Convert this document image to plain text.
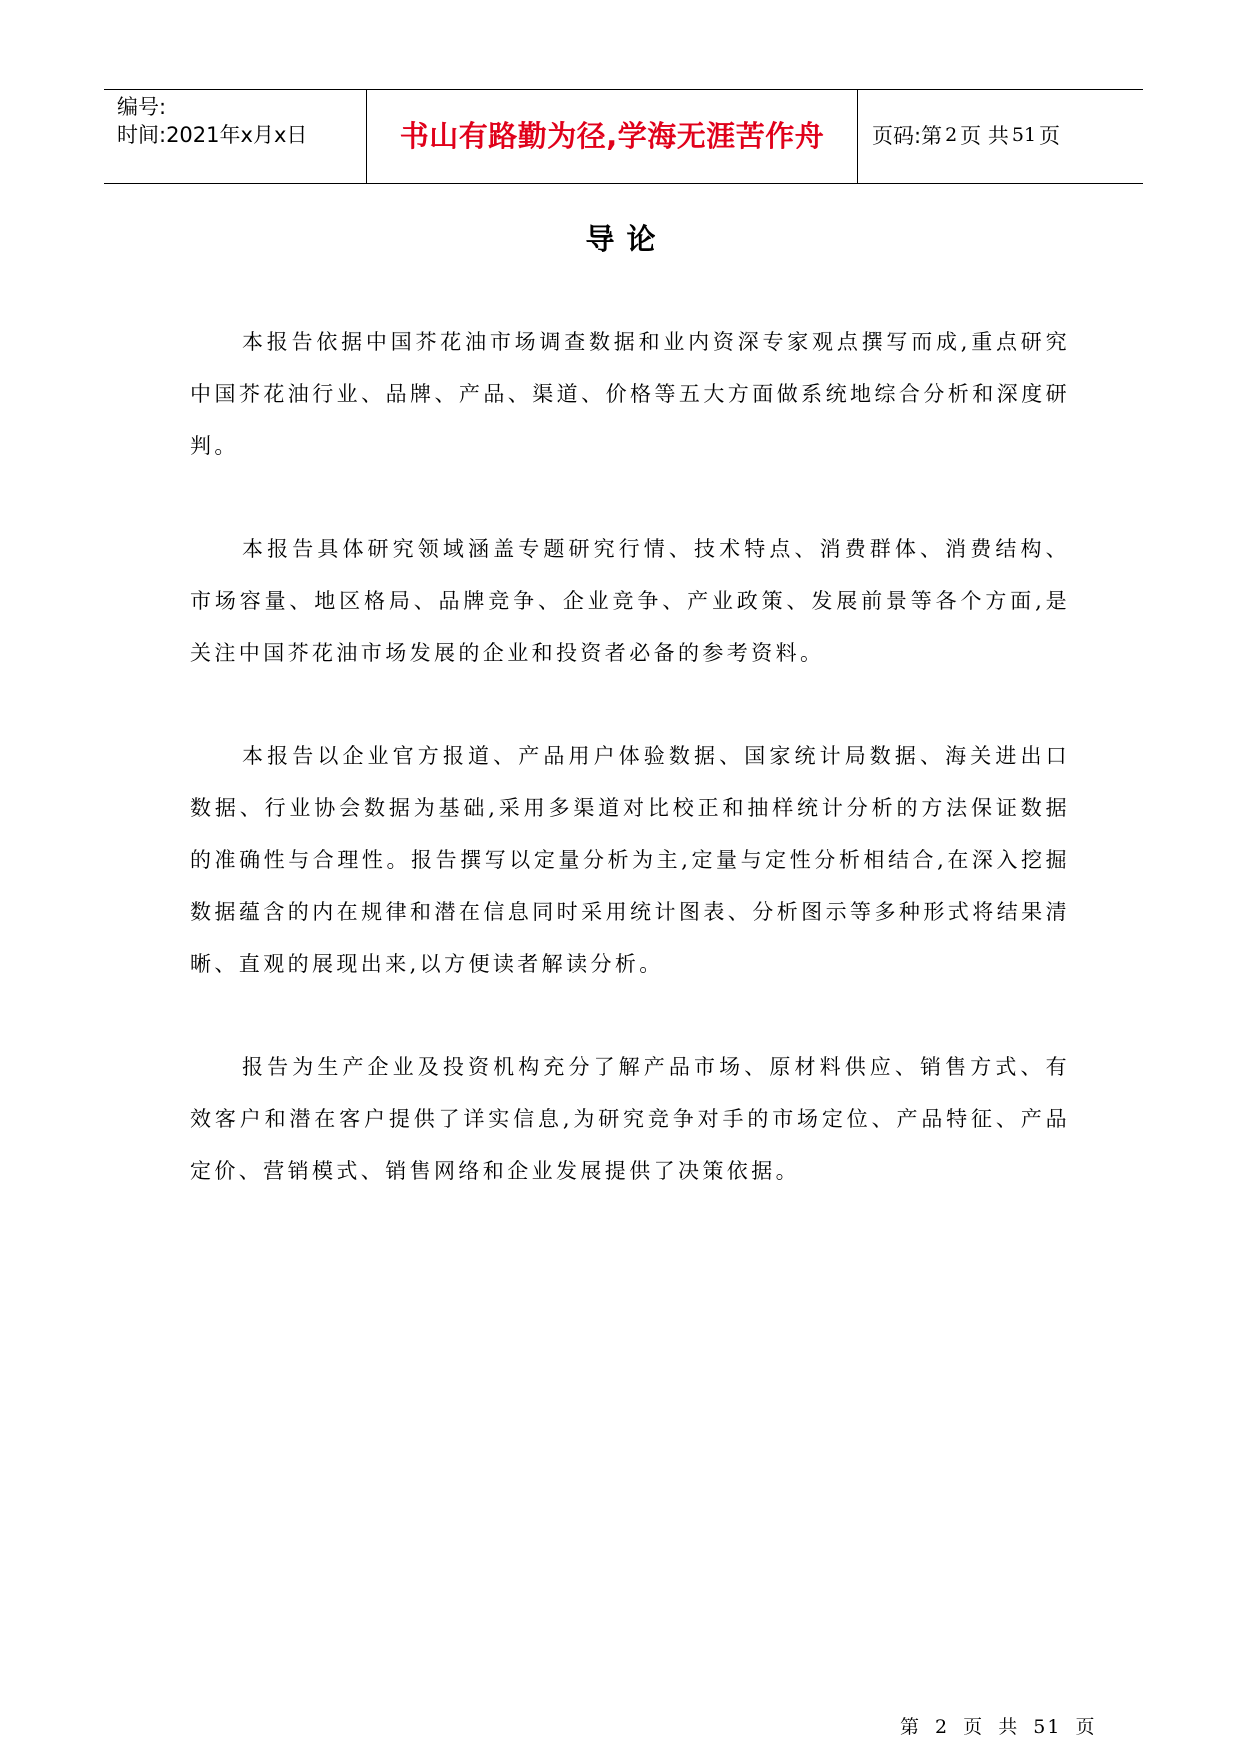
编号:
时间:2021年x月x日	书山有路勤为径,学海无涯苦作舟 页码:第 2 页 共 51 页
导论

本报告依据中国芥花油市场调查数据和业内资深专家观点撰写而成,重点研究中国芥花油行业、品牌、产品、渠道、价格等五大方面做系统地综合分析和深度研判。

本报告具体研究领域涵盖专题研究行情、技术特点、消费群体、消费结构、市场容量、地区格局、品牌竞争、企业竞争、产业政策、发展前景等各个方面,是关注中国芥花油市场发展的企业和投资者必备的参考资料。

本报告以企业官方报道、产品用户体验数据、国家统计局数据、海关进出口数据、行业协会数据为基础,采用多渠道对比校正和抽样统计分析的方法保证数据的准确性与合理性。报告撰写以定量分析为主,定量与定性分析相结合,在深入挖掘数据蕴含的内在规律和潜在信息同时采用统计图表、分析图示等多种形式将结果清晰、直观的展现出来,以方便读者解读分析。

报告为生产企业及投资机构充分了解产品市场、原材料供应、销售方式、有效客户和潜在客户提供了详实信息,为研究竞争对手的市场定位、产品特征、产品定价、营销模式、销售网络和企业发展提供了决策依据。

第 2 页 共 51 页
